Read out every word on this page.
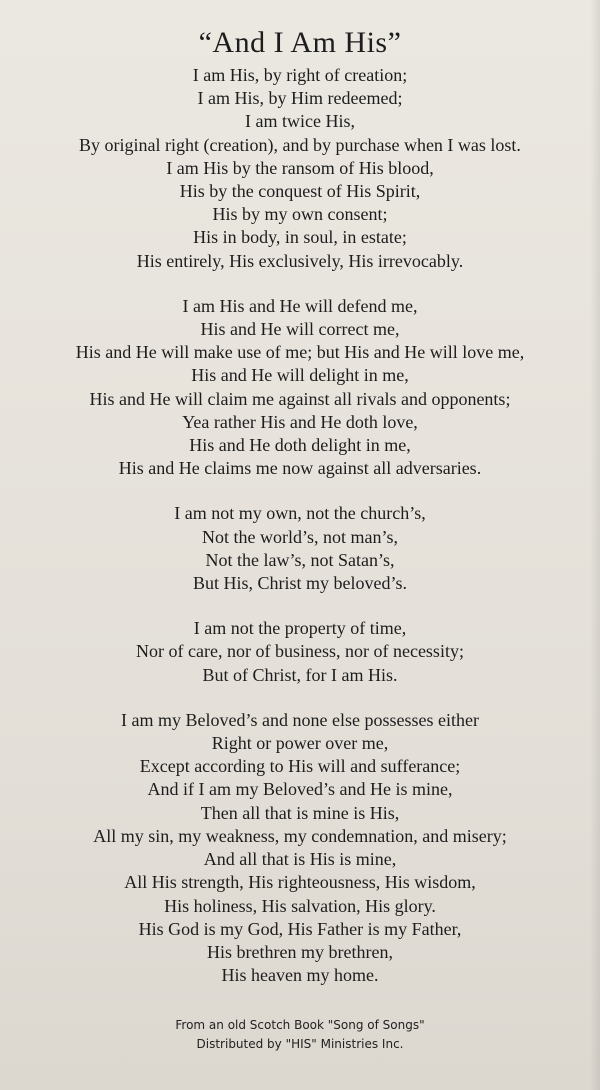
“And I Am His”
I am His, by right of creation;
I am His, by Him redeemed;
I am twice His,
By original right (creation), and by purchase when I was lost.
I am His by the ransom of His blood,
His by the conquest of His Spirit,
His by my own consent;
His in body, in soul, in estate;
His entirely, His exclusively, His irrevocably.
I am His and He will defend me,
His and He will correct me,
His and He will make use of me; but His and He will love me,
His and He will delight in me,
His and He will claim me against all rivals and opponents;
Yea rather His and He doth love,
His and He doth delight in me,
His and He claims me now against all adversaries.
I am not my own, not the church’s,
Not the world’s, not man’s,
Not the law’s, not Satan’s,
But His, Christ my beloved’s.
I am not the property of time,
Nor of care, nor of business, nor of necessity;
But of Christ, for I am His.
I am my Beloved’s and none else possesses either
Right or power over me,
Except according to His will and sufferance;
And if I am my Beloved’s and He is mine,
Then all that is mine is His,
All my sin, my weakness, my condemnation, and misery;
And all that is His is mine,
All His strength, His righteousness, His wisdom,
His holiness, His salvation, His glory.
His God is my God, His Father is my Father,
His brethren my brethren,
His heaven my home.
From an old Scotch Book "Song of Songs"
Distributed by "HIS" Ministries Inc.
